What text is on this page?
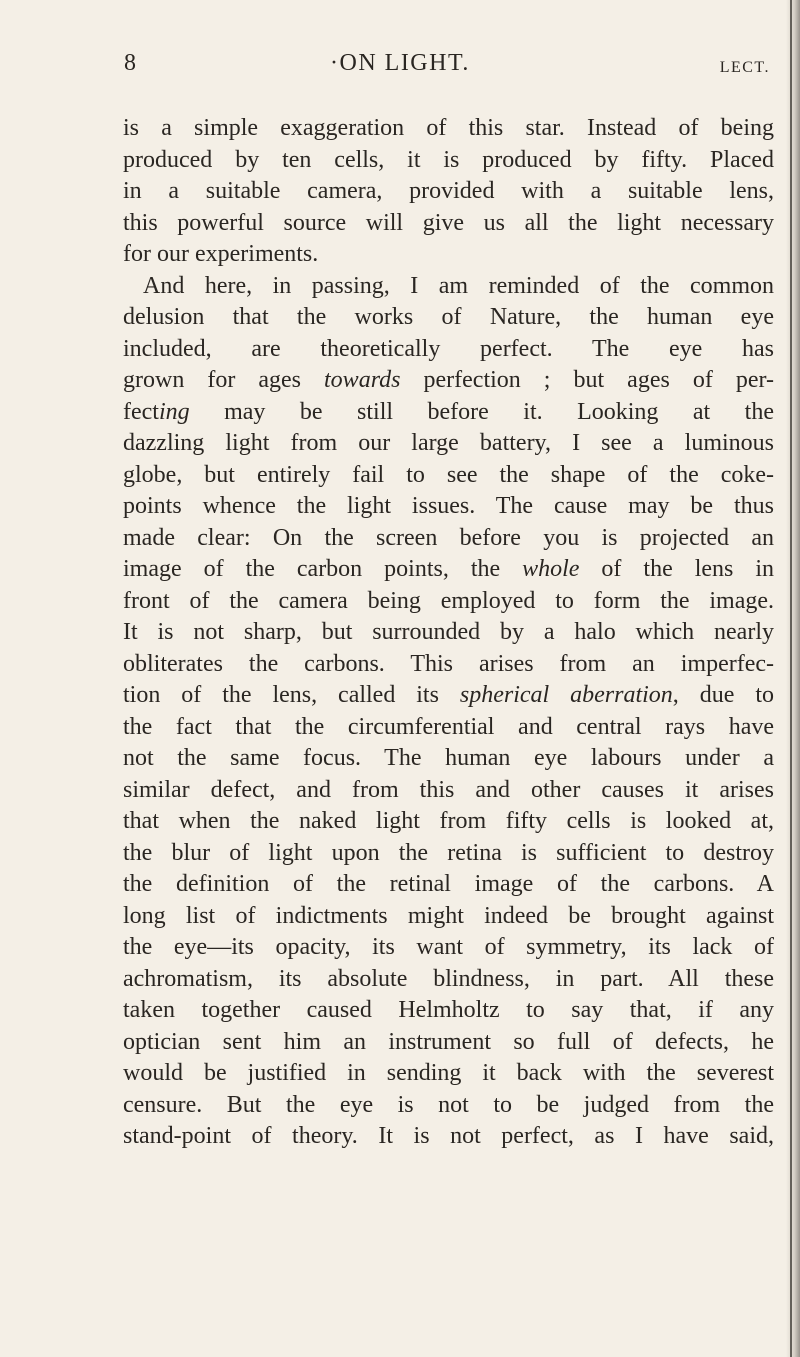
8	·ON LIGHT.	LECT.
is a simple exaggeration of this star. Instead of being
produced by ten cells, it is produced by fifty. Placed
in a suitable camera, provided with a suitable lens,
this powerful source will give us all the light necessary
for our experiments.
And here, in passing, I am reminded of the common
delusion that the works of Nature, the human eye
included, are theoretically perfect. The eye has
grown for ages towards perfection ; but ages of per-
fecting may be still before it. Looking at the
dazzling light from our large battery, I see a luminous
globe, but entirely fail to see the shape of the coke-
points whence the light issues. The cause may be thus
made clear: On the screen before you is projected an
image of the carbon points, the whole of the lens in
front of the camera being employed to form the image.
It is not sharp, but surrounded by a halo which nearly
obliterates the carbons. This arises from an imperfec-
tion of the lens, called its spherical aberration, due to
the fact that the circumferential and central rays have
not the same focus. The human eye labours under a
similar defect, and from this and other causes it arises
that when the naked light from fifty cells is looked at,
the blur of light upon the retina is sufficient to destroy
the definition of the retinal image of the carbons. A
long list of indictments might indeed be brought against
the eye—its opacity, its want of symmetry, its lack of
achromatism, its absolute blindness, in part. All these
taken together caused Helmholtz to say that, if any
optician sent him an instrument so full of defects, he
would be justified in sending it back with the severest
censure. But the eye is not to be judged from the
stand-point of theory. It is not perfect, as I have said,
